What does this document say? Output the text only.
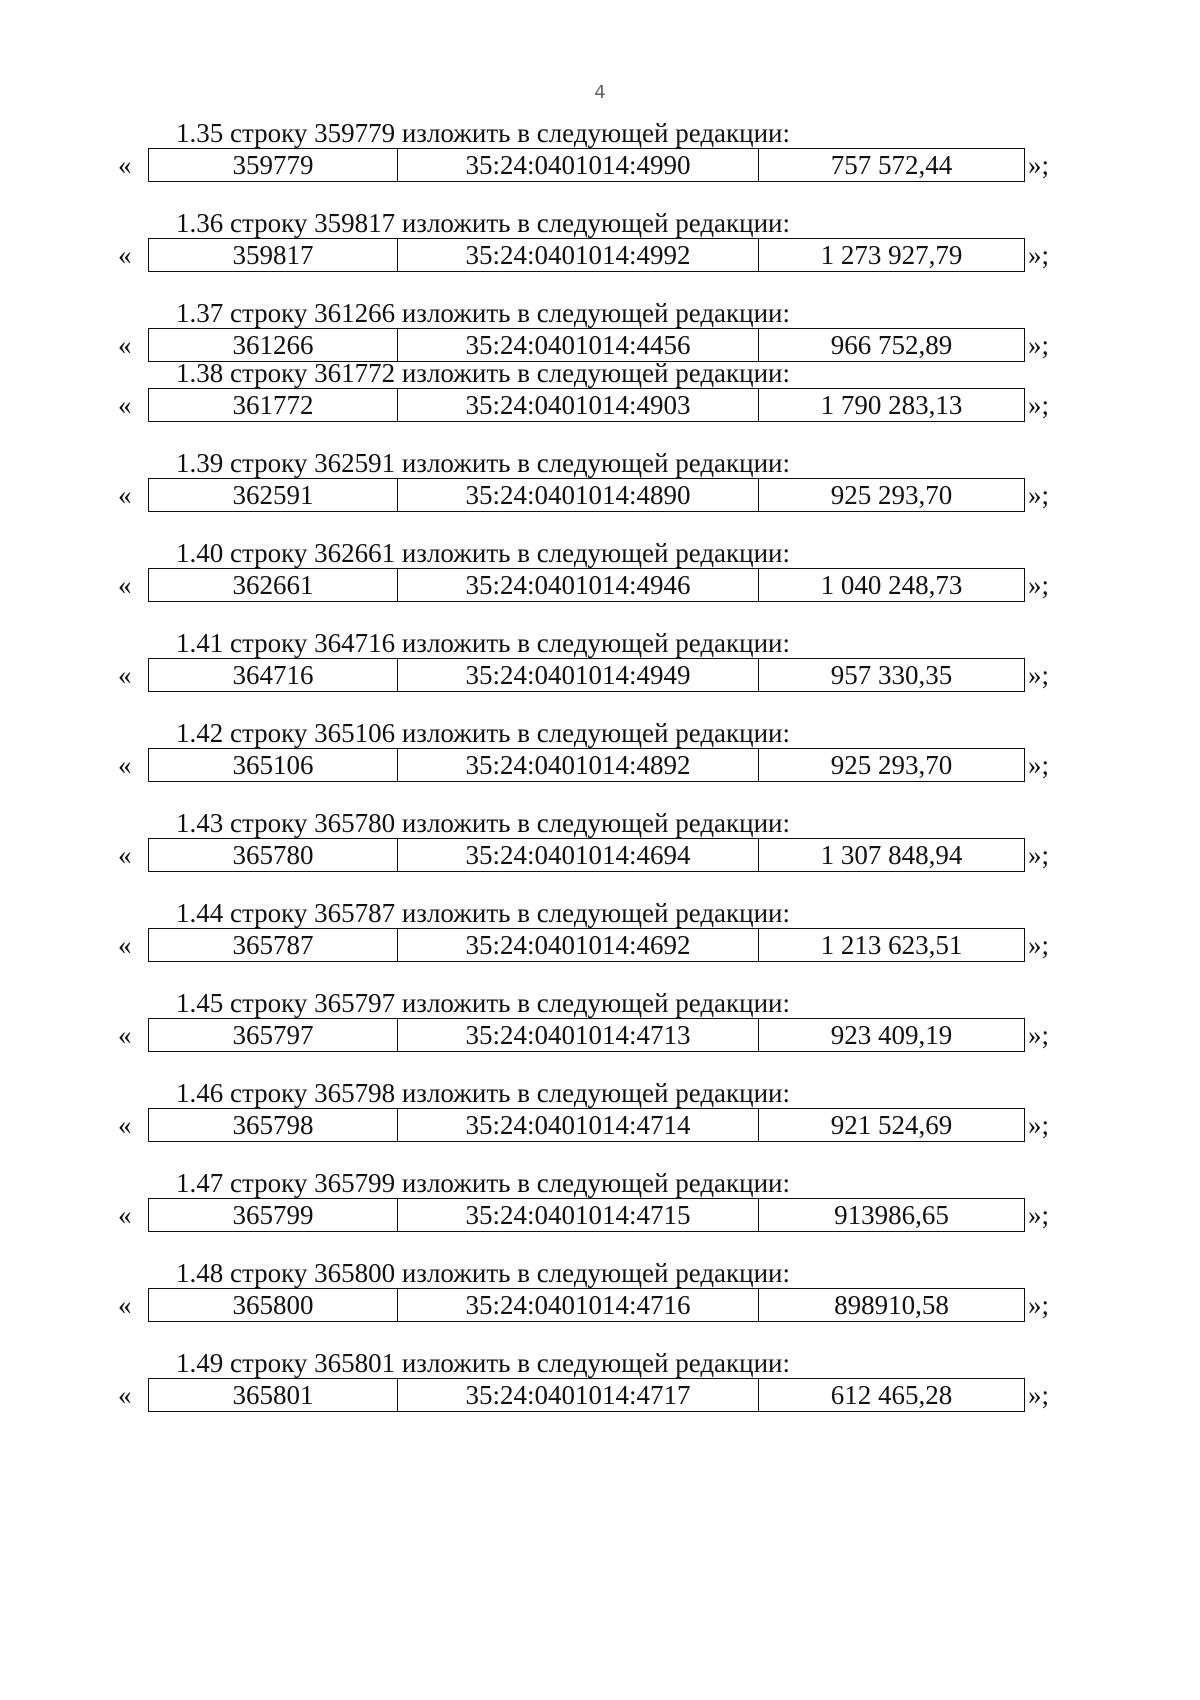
4
1.35 строку 359779 изложить в следующей редакции:
«	359779	35:24:0401014:4990	757 572,44	»;
1.36 строку 359817 изложить в следующей редакции:
«	359817	35:24:0401014:4992	1 273 927,79	»;
1.37 строку 361266 изложить в следующей редакции:
«	361266	35:24:0401014:4456	966 752,89	»;
1.38 строку 361772 изложить в следующей редакции:
«	361772	35:24:0401014:4903	1 790 283,13	»;
1.39 строку 362591 изложить в следующей редакции:
«	362591	35:24:0401014:4890	925 293,70	»;
1.40 строку 362661 изложить в следующей редакции:
«	362661	35:24:0401014:4946	1 040 248,73	»;
1.41 строку 364716 изложить в следующей редакции:
«	364716	35:24:0401014:4949	957 330,35	»;
1.42 строку 365106 изложить в следующей редакции:
«	365106	35:24:0401014:4892	925 293,70	»;
1.43 строку 365780 изложить в следующей редакции:
«	365780	35:24:0401014:4694	1 307 848,94	»;
1.44 строку 365787 изложить в следующей редакции:
«	365787	35:24:0401014:4692	1 213 623,51	»;
1.45 строку 365797 изложить в следующей редакции:
«	365797	35:24:0401014:4713	923 409,19	»;
1.46 строку 365798 изложить в следующей редакции:
«	365798	35:24:0401014:4714	921 524,69	»;
1.47 строку 365799 изложить в следующей редакции:
«	365799	35:24:0401014:4715	913986,65	»;
1.48 строку 365800 изложить в следующей редакции:
«	365800	35:24:0401014:4716	898910,58	»;
1.49 строку 365801 изложить в следующей редакции:
«	365801	35:24:0401014:4717	612 465,28	»;
